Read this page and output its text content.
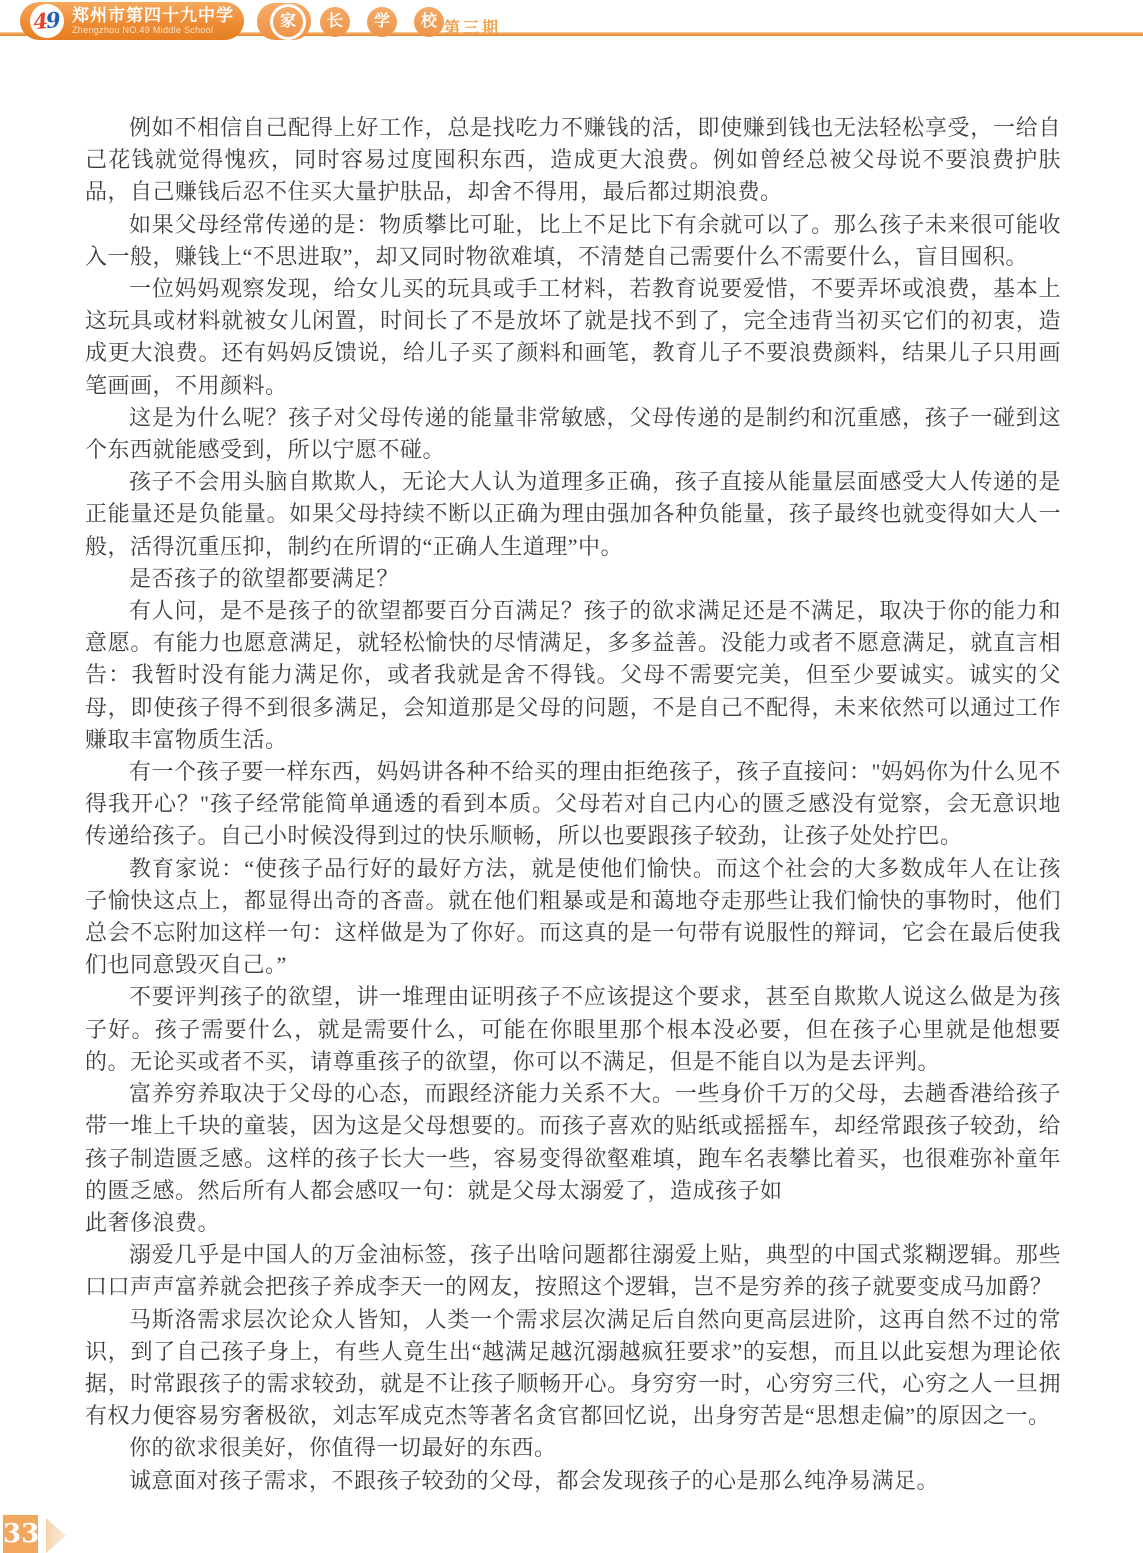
4
9 郑州市第四十九中学
Zhengzhou NO.49 Middle School	家	长	学	校 第三期

例如不相信自己配得上好工作，总是找吃力不赚钱的活，即使赚到钱也无法轻松享受，一给自己花钱就觉得愧疚，同时容易过度囤积东西，造成更大浪费。例如曾经总被父母说不要浪费护肤品，自己赚钱后忍不住买大量护肤品，却舍不得用，最后都过期浪费。

如果父母经常传递的是：物质攀比可耻，比上不足比下有余就可以了。那么孩子未来很可能收入一般，赚钱上“不思进取”，却又同时物欲难填，不清楚自己需要什么不需要什么，盲目囤积。

一位妈妈观察发现，给女儿买的玩具或手工材料，若教育说要爱惜，不要弄坏或浪费，基本上这玩具或材料就被女儿闲置，时间长了不是放坏了就是找不到了，完全违背当初买它们的初衷，造成更大浪费。还有妈妈反馈说，给儿子买了颜料和画笔，教育儿子不要浪费颜料，结果儿子只用画笔画画，不用颜料。

这是为什么呢？孩子对父母传递的能量非常敏感，父母传递的是制约和沉重感，孩子一碰到这个东西就能感受到，所以宁愿不碰。

孩子不会用头脑自欺欺人，无论大人认为道理多正确，孩子直接从能量层面感受大人传递的是正能量还是负能量。如果父母持续不断以正确为理由强加各种负能量，孩子最终也就变得如大人一般，活得沉重压抑，制约在所谓的“正确人生道理”中。

是否孩子的欲望都要满足？

有人问，是不是孩子的欲望都要百分百满足？孩子的欲求满足还是不满足，取决于你的能力和意愿。有能力也愿意满足，就轻松愉快的尽情满足，多多益善。没能力或者不愿意满足，就直言相告：我暂时没有能力满足你，或者我就是舍不得钱。父母不需要完美，但至少要诚实。诚实的父母，即使孩子得不到很多满足，会知道那是父母的问题，不是自己不配得，未来依然可以通过工作赚取丰富物质生活。

有一个孩子要一样东西，妈妈讲各种不给买的理由拒绝孩子，孩子直接问："妈妈你为什么见不得我开心？"孩子经常能简单通透的看到本质。父母若对自己内心的匮乏感没有觉察，会无意识地传递给孩子。自己小时候没得到过的快乐顺畅，所以也要跟孩子较劲，让孩子处处拧巴。

教育家说：“使孩子品行好的最好方法，就是使他们愉快。而这个社会的大多数成年人在让孩子愉快这点上，都显得出奇的吝啬。就在他们粗暴或是和蔼地夺走那些让我们愉快的事物时，他们总会不忘附加这样一句：这样做是为了你好。而这真的是一句带有说服性的辩词，它会在最后使我们也同意毁灭自己。”

不要评判孩子的欲望，讲一堆理由证明孩子不应该提这个要求，甚至自欺欺人说这么做是为孩子好。孩子需要什么，就是需要什么，可能在你眼里那个根本没必要，但在孩子心里就是他想要的。无论买或者不买，请尊重孩子的欲望，你可以不满足，但是不能自以为是去评判。

富养穷养取决于父母的心态，而跟经济能力关系不大。一些身价千万的父母，去趟香港给孩子带一堆上千块的童装，因为这是父母想要的。而孩子喜欢的贴纸或摇摇车，却经常跟孩子较劲，给孩子制造匮乏感。这样的孩子长大一些，容易变得欲壑难填，跑车名表攀比着买，也很难弥补童年的匮乏感。然后所有人都会感叹一句：就是父母太溺爱了，造成孩子如

此奢侈浪费。

溺爱几乎是中国人的万金油标签，孩子出啥问题都往溺爱上贴，典型的中国式浆糊逻辑。那些口口声声富养就会把孩子养成李天一的网友，按照这个逻辑，岂不是穷养的孩子就要变成马加爵？

马斯洛需求层次论众人皆知，人类一个需求层次满足后自然向更高层进阶，这再自然不过的常识，到了自己孩子身上，有些人竟生出“越满足越沉溺越疯狂要求”的妄想，而且以此妄想为理论依据，时常跟孩子的需求较劲，就是不让孩子顺畅开心。身穷穷一时，心穷穷三代，心穷之人一旦拥有权力便容易穷奢极欲，刘志军成克杰等著名贪官都回忆说，出身穷苦是“思想走偏”的原因之一。

你的欲求很美好，你值得一切最好的东西。

诚意面对孩子需求，不跟孩子较劲的父母，都会发现孩子的心是那么纯净易满足。

33
